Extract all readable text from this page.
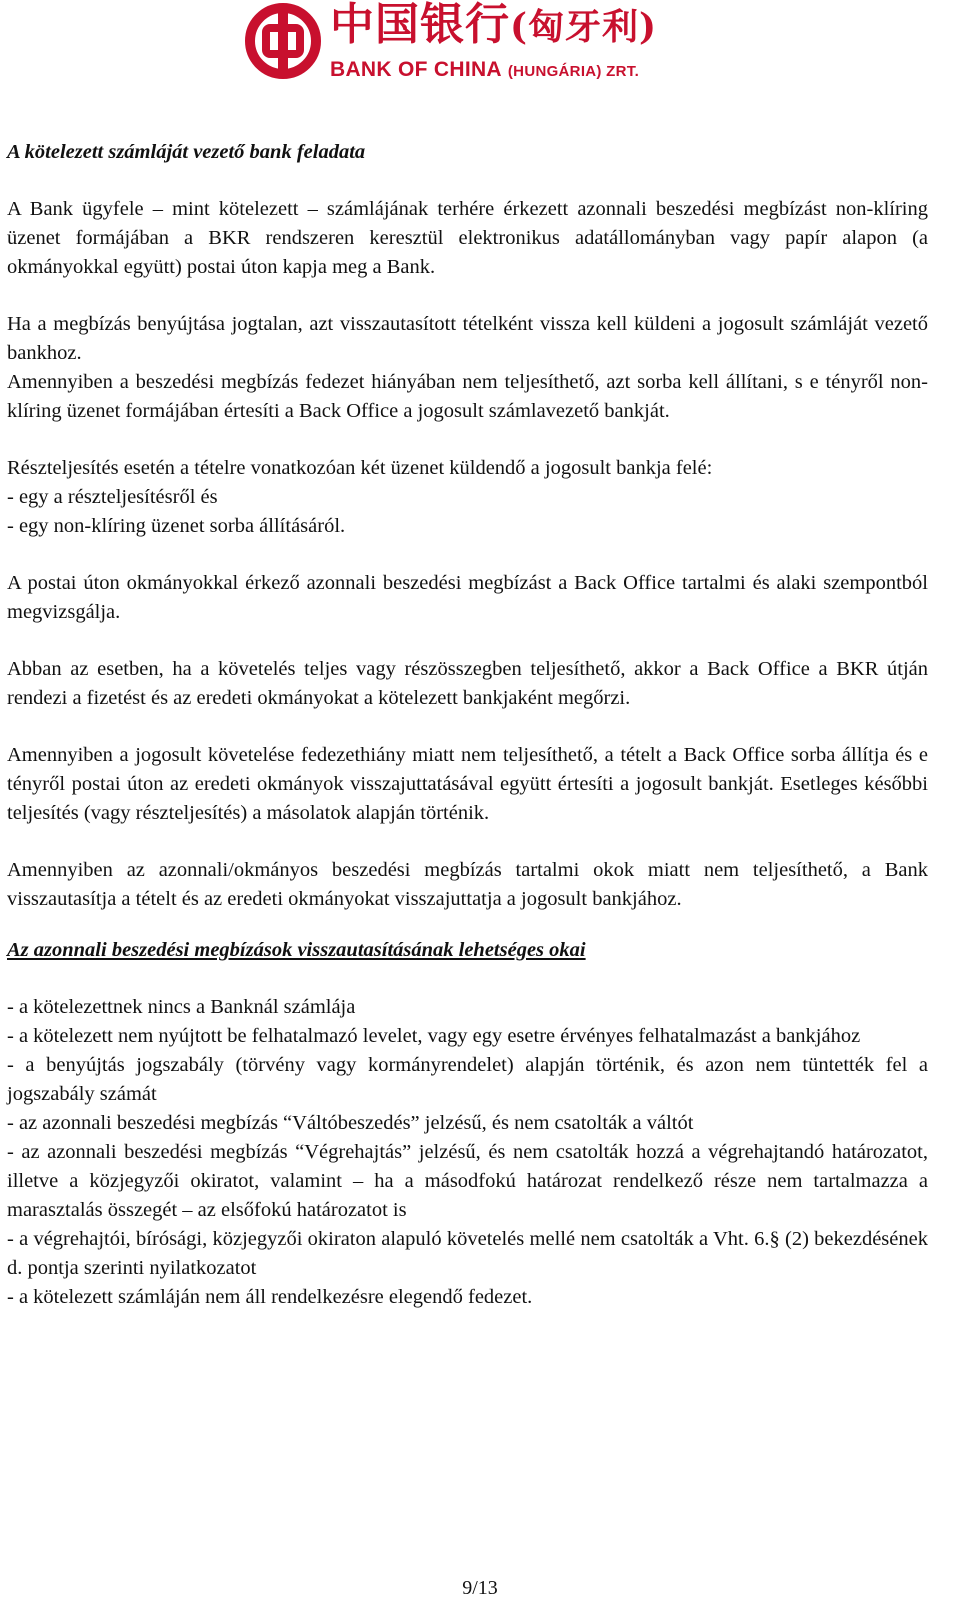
中国银行(匈牙利)
BANK OF CHINA (HUNGÁRIA) ZRT.

A kötelezett számláját vezető bank feladata

A Bank ügyfele – mint kötelezett – számlájának terhére érkezett azonnali beszedési megbízást non-klíring üzenet formájában a BKR rendszeren keresztül elektronikus adatállományban vagy papír alapon (a okmányokkal együtt) postai úton kapja meg a Bank.

Ha a megbízás benyújtása jogtalan, azt visszautasított tételként vissza kell küldeni a jogosult számláját vezető bankhoz.

Amennyiben a beszedési megbízás fedezet hiányában nem teljesíthető, azt sorba kell állítani, s e tényről non-klíring üzenet formájában értesíti a Back Office a jogosult számlavezető bankját.

Részteljesítés esetén a tételre vonatkozóan két üzenet küldendő a jogosult bankja felé:

- egy a részteljesítésről és

- egy non-klíring üzenet sorba állításáról.

A postai úton okmányokkal érkező azonnali beszedési megbízást a Back Office tartalmi és alaki szempontból megvizsgálja.

Abban az esetben, ha a követelés teljes vagy részösszegben teljesíthető, akkor a Back Office a BKR útján rendezi a fizetést és az eredeti okmányokat a kötelezett bankjaként megőrzi.

Amennyiben a jogosult követelése fedezethiány miatt nem teljesíthető, a tételt a Back Office sorba állítja és e tényről postai úton az eredeti okmányok visszajuttatásával együtt értesíti a jogosult bankját. Esetleges későbbi teljesítés (vagy részteljesítés) a másolatok alapján történik.

Amennyiben az azonnali/okmányos beszedési megbízás tartalmi okok miatt nem teljesíthető, a Bank visszautasítja a tételt és az eredeti okmányokat visszajuttatja a jogosult bankjához.

Az azonnali beszedési megbízások visszautasításának lehetséges okai

- a kötelezettnek nincs a Banknál számlája

- a kötelezett nem nyújtott be felhatalmazó levelet, vagy egy esetre érvényes felhatalmazást a bankjához

- a benyújtás jogszabály (törvény vagy kormányrendelet) alapján történik, és azon nem tüntették fel a jogszabály számát

- az azonnali beszedési megbízás “Váltóbeszedés” jelzésű, és nem csatolták a váltót

- az azonnali beszedési megbízás “Végrehajtás” jelzésű, és nem csatolták hozzá a végrehajtandó határozatot, illetve a közjegyzői okiratot, valamint – ha a másodfokú határozat rendelkező része nem tartalmazza a marasztalás összegét – az elsőfokú határozatot is

- a végrehajtói, bírósági, közjegyzői okiraton alapuló követelés mellé nem csatolták a Vht. 6.§ (2) bekezdésének d. pontja szerinti nyilatkozatot

- a kötelezett számláján nem áll rendelkezésre elegendő fedezet.

9/13
